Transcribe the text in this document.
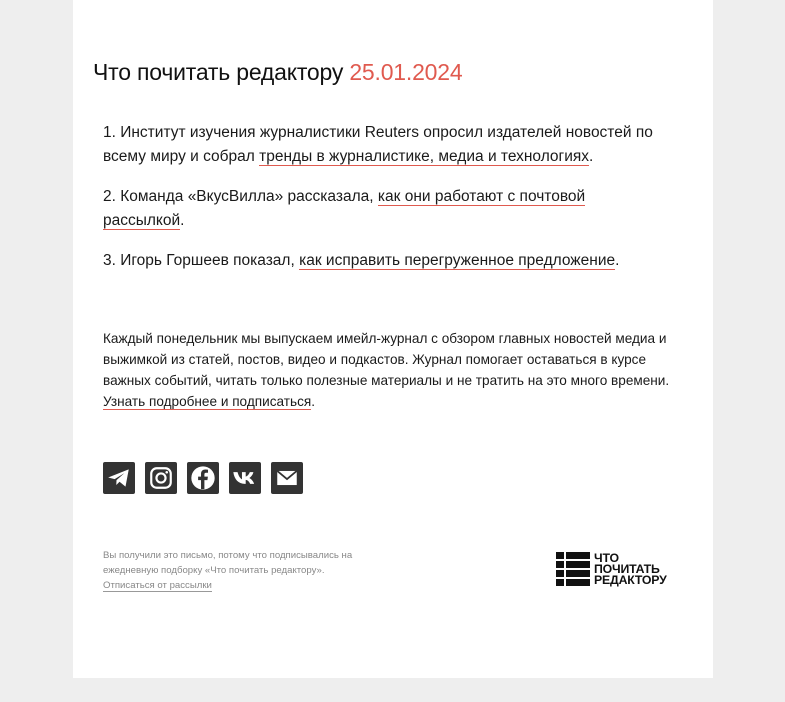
Что почитать редактору 25.01.2024

1. Институт изучения журналистики Reuters опросил издателей новостей по всему миру и собрал тренды в журналистике, медиа и технологиях.

2. Команда «ВкусВилла» рассказала, как они работают с почтовой рассылкой.

3. Игорь Горшеев показал, как исправить перегруженное предложение.

Каждый понедельник мы выпускаем имейл-журнал с обзором главных новостей медиа и выжимкой из статей, постов, видео и подкастов. Журнал помогает оставаться в курсе важных событий, читать только полезные материалы и не тратить на это много времени. Узнать подробнее и подписаться.
Вы получили это письмо, потому что подписывались на ежедневную подборку «Что почитать редактору».
Отписаться от рассылки
ЧТО
ПОЧИТАТЬ
РЕДАКТОРУ
